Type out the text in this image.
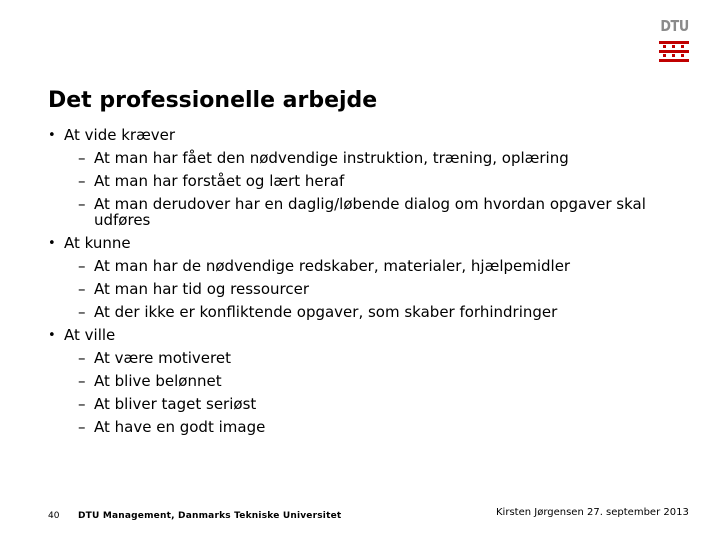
DTU
Det professionelle arbejde
• At vide kræver
– At man har fået den nødvendige instruktion, træning, oplæring
– At man har forstået og lært heraf
– At man derudover har en daglig/løbende dialog om hvordan opgaver skal udføres
• At kunne
– At man har de nødvendige redskaber, materialer, hjælpemidler
– At man har tid og ressourcer
– At der ikke er konfliktende opgaver, som skaber forhindringer
• At ville
– At være motiveret
– At blive belønnet
– At bliver taget seriøst
– At have en godt image
40 DTU Management, Danmarks Tekniske Universitet	Kirsten Jørgensen 27. september 2013
